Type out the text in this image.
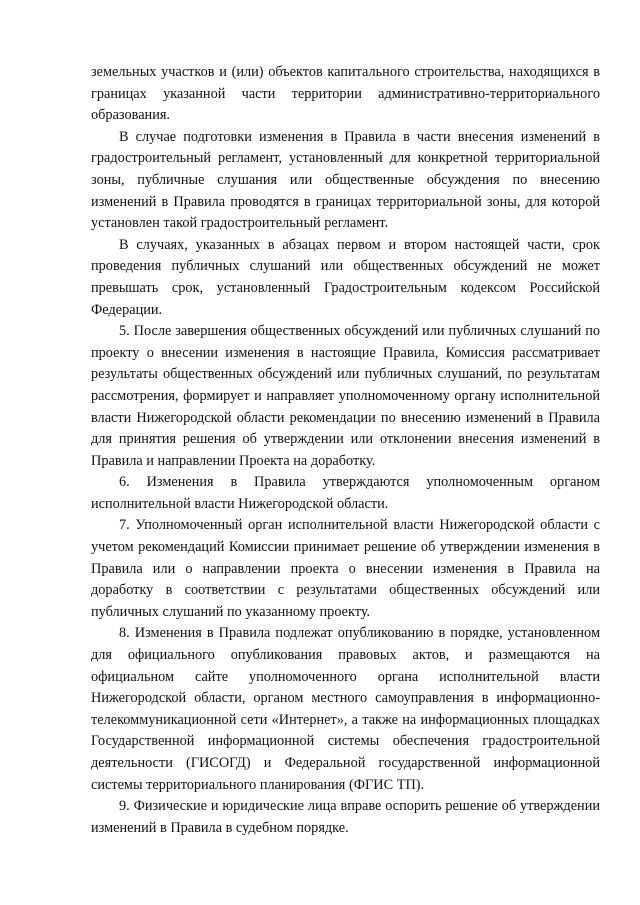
земельных участков и (или) объектов капитального строительства, находящихся в границах указанной части территории административно-территориального образования.

В случае подготовки изменения в Правила в части внесения изменений в градостроительный регламент, установленный для конкретной территориальной зоны, публичные слушания или общественные обсуждения по внесению изменений в Правила проводятся в границах территориальной зоны, для которой установлен такой градостроительный регламент.

В случаях, указанных в абзацах первом и втором настоящей части, срок проведения публичных слушаний или общественных обсуждений не может превышать срок, установленный Градостроительным кодексом Российской Федерации.

5. После завершения общественных обсуждений или публичных слушаний по проекту о внесении изменения в настоящие Правила, Комиссия рассматривает результаты общественных обсуждений или публичных слушаний, по результатам рассмотрения, формирует и направляет уполномоченному органу исполнительной власти Нижегородской области рекомендации по внесению изменений в Правила для принятия решения об утверждении или отклонении внесения изменений в Правила и направлении Проекта на доработку.

6. Изменения в Правила утверждаются уполномоченным органом исполнительной власти Нижегородской области.

7. Уполномоченный орган исполнительной власти Нижегородской области с учетом рекомендаций Комиссии принимает решение об утверждении изменения в Правила или о направлении проекта о внесении изменения в Правила на доработку в соответствии с результатами общественных обсуждений или публичных слушаний по указанному проекту.

8. Изменения в Правила подлежат опубликованию в порядке, установленном для официального опубликования правовых актов, и размещаются на официальном сайте уполномоченного органа исполнительной власти Нижегородской области, органом местного самоуправления в информационно-телекоммуникационной сети «Интернет», а также на информационных площадках Государственной информационной системы обеспечения градостроительной деятельности (ГИСОГД) и Федеральной государственной информационной системы территориального планирования (ФГИС ТП).

9. Физические и юридические лица вправе оспорить решение об утверждении изменений в Правила в судебном порядке.
